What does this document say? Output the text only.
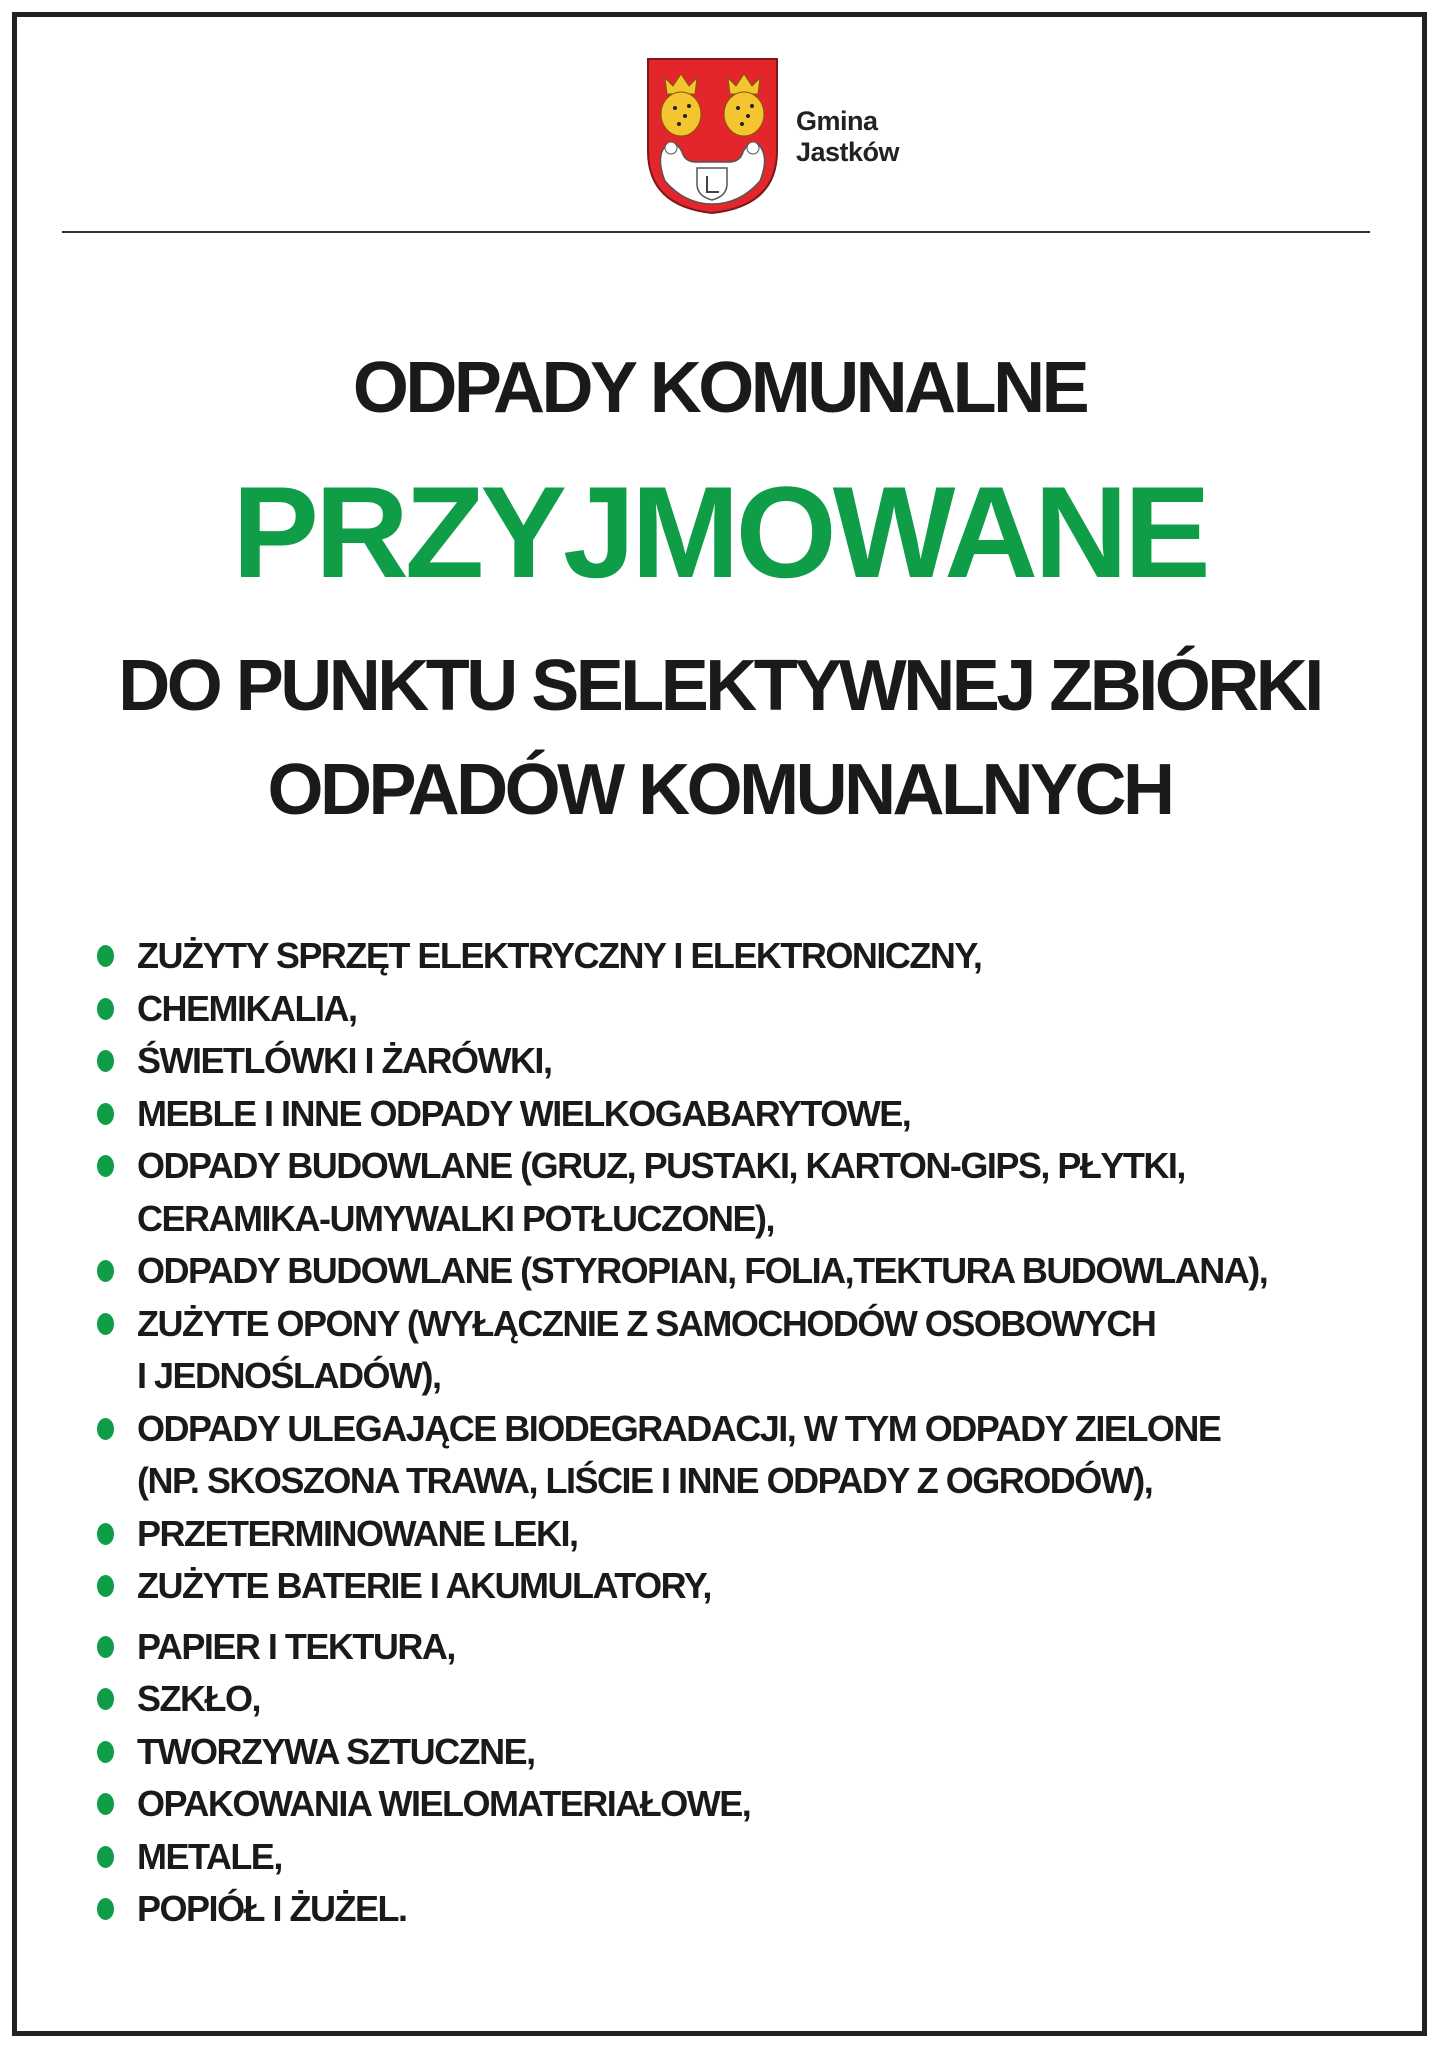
Gmina
Jastków
ODPADY KOMUNALNE
PRZYJMOWANE
DO PUNKTU SELEKTYWNEJ ZBIÓRKI
ODPADÓW KOMUNALNYCH
ZUŻYTY SPRZĘT ELEKTRYCZNY I ELEKTRONICZNY,
CHEMIKALIA,
ŚWIETLÓWKI I ŻARÓWKI,
MEBLE I INNE ODPADY WIELKOGABARYTOWE,
ODPADY BUDOWLANE (GRUZ, PUSTAKI, KARTON-GIPS, PŁYTKI,
CERAMIKA-UMYWALKI POTŁUCZONE),
ODPADY BUDOWLANE (STYROPIAN, FOLIA,TEKTURA BUDOWLANA),
ZUŻYTE OPONY (WYŁĄCZNIE Z SAMOCHODÓW OSOBOWYCH
I JEDNOŚLADÓW),
ODPADY ULEGAJĄCE BIODEGRADACJI, W TYM ODPADY ZIELONE
(NP. SKOSZONA TRAWA, LIŚCIE I INNE ODPADY Z OGRODÓW),
PRZETERMINOWANE LEKI,
ZUŻYTE BATERIE I AKUMULATORY,
PAPIER I TEKTURA,
SZKŁO,
TWORZYWA SZTUCZNE,
OPAKOWANIA WIELOMATERIAŁOWE,
METALE,
POPIÓŁ I ŻUŻEL.
